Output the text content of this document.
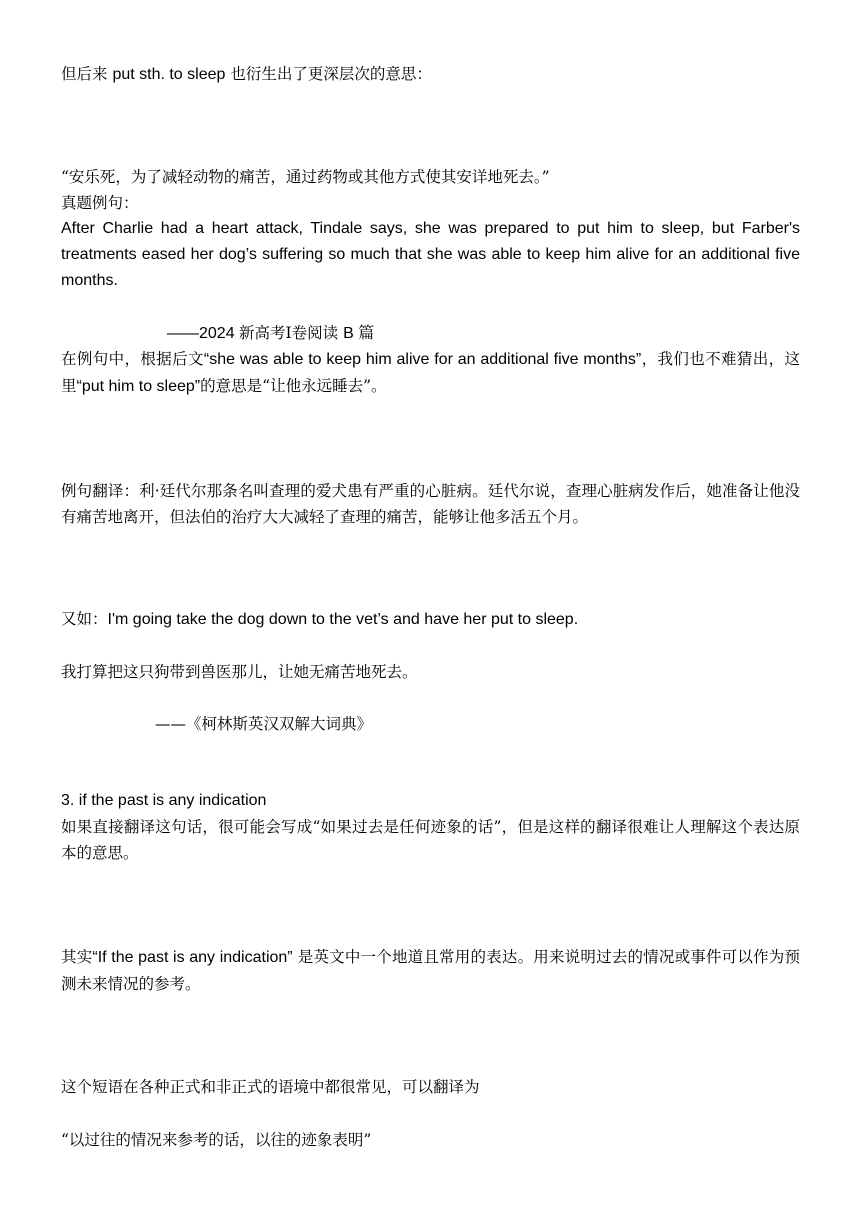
但后来 put sth. to sleep 也衍生出了更深层次的意思：

“安乐死，为了减轻动物的痛苦，通过药物或其他方式使其安详地死去。”

真题例句：

After Charlie had a heart attack, Tindale says, she was prepared to put him to sleep, but Farber's treatments eased her dog’s suffering so much that she was able to keep him alive for an additional five months.

——2024 新高考Ⅰ卷阅读 B 篇

在例句中，根据后文“she was able to keep him alive for an additional five months”，我们也不难猜出，这里“put him to sleep”的意思是“让他永远睡去”。

例句翻译：利·廷代尔那条名叫查理的爱犬患有严重的心脏病。廷代尔说，查理心脏病发作后，她准备让他没有痛苦地离开，但法伯的治疗大大减轻了查理的痛苦，能够让他多活五个月。

又如：I'm going take the dog down to the vet’s and have her put to sleep.

我打算把这只狗带到兽医那儿，让她无痛苦地死去。

——《柯林斯英汉双解大词典》

3. if the past is any indication

如果直接翻译这句话，很可能会写成“如果过去是任何迹象的话”，但是这样的翻译很难让人理解这个表达原本的意思。

其实“If the past is any indication” 是英文中一个地道且常用的表达。用来说明过去的情况或事件可以作为预测未来情况的参考。

这个短语在各种正式和非正式的语境中都很常见，可以翻译为

“以过往的情况来参考的话，以往的迹象表明”
